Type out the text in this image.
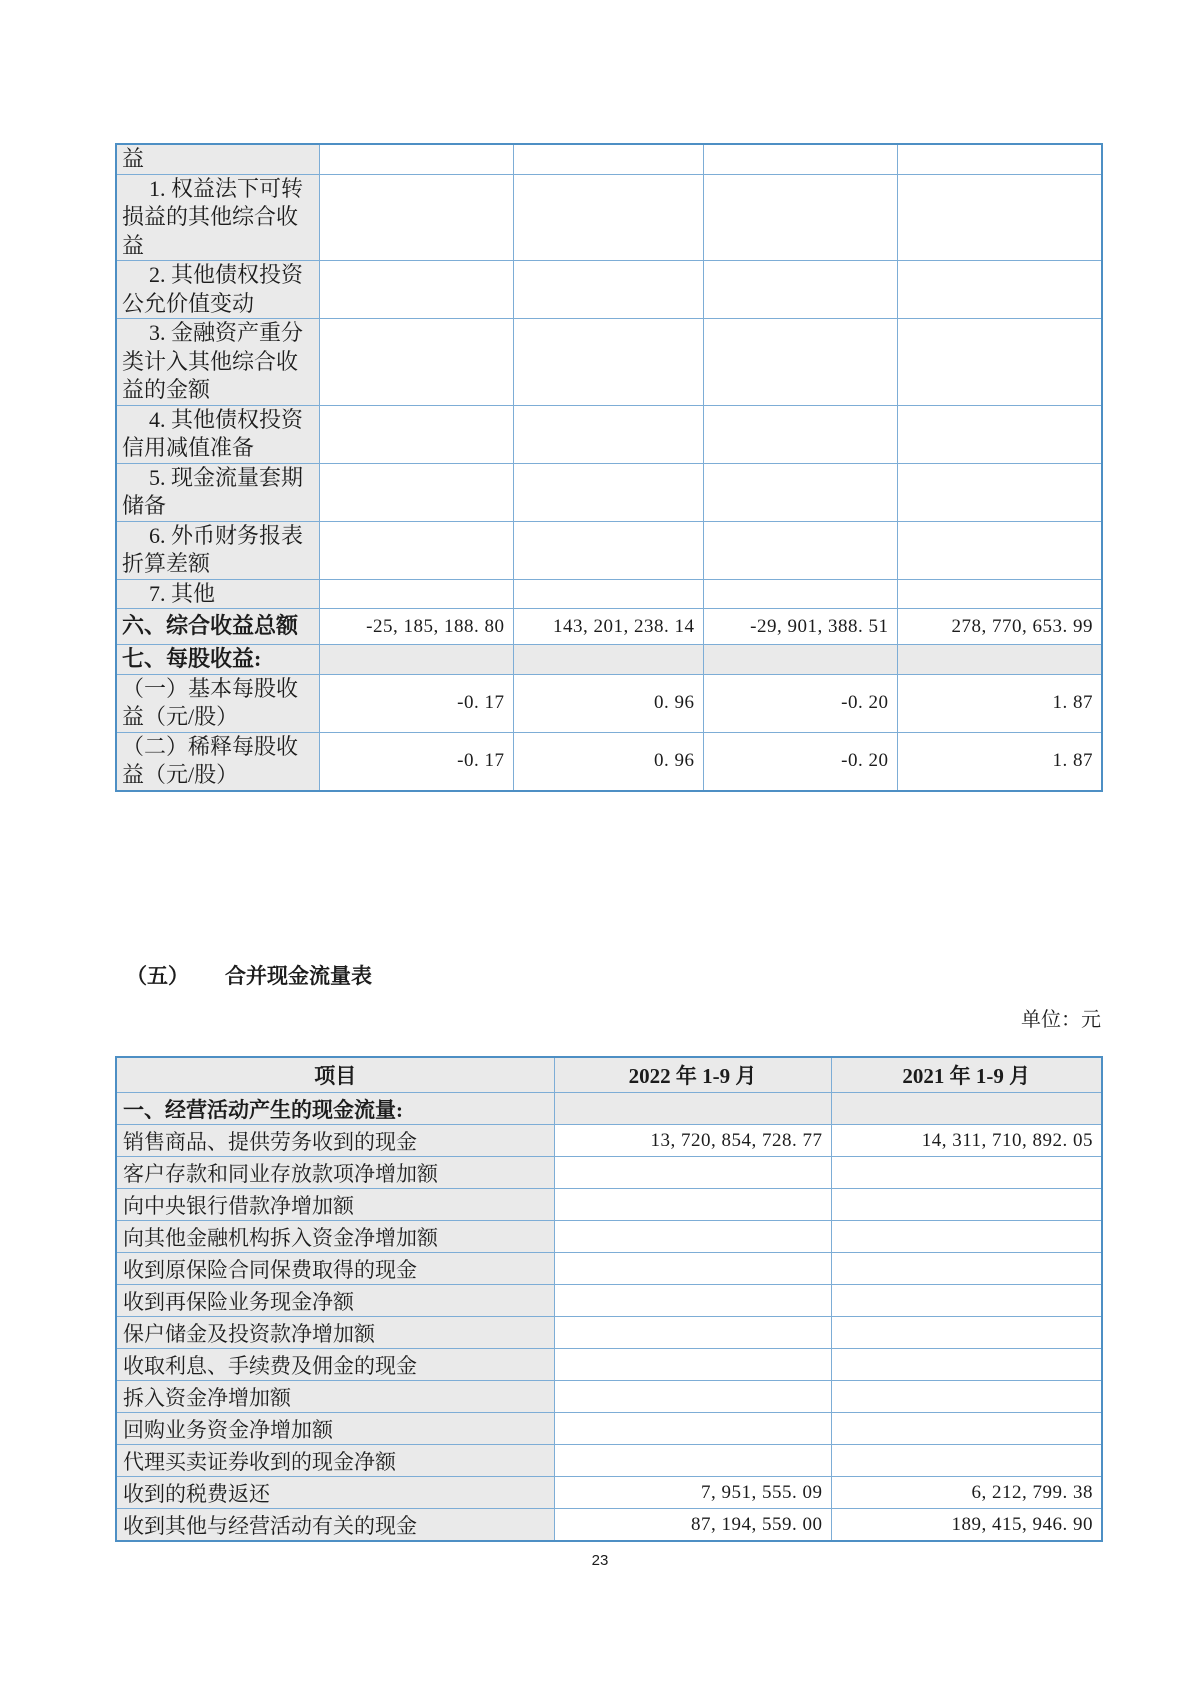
益				
1. 权益法下可转损益的其他综合收益				
2. 其他债权投资公允价值变动				
3. 金融资产重分类计入其他综合收益的金额				
4. 其他债权投资信用减值准备				
5. 现金流量套期储备				
6. 外币财务报表折算差额				
7. 其他				
六、综合收益总额	-25, 185, 188. 80	143, 201, 238. 14	-29, 901, 388. 51	278, 770, 653. 99
七、每股收益:				
（一）基本每股收益（元/股）	-0. 17	0. 96	-0. 20	1. 87
（二）稀释每股收益（元/股）	-0. 17	0. 96	-0. 20	1. 87
（五） 合并现金流量表
单位：元
项目	2022 年 1-9 月	2021 年 1-9 月
一、经营活动产生的现金流量:		
销售商品、提供劳务收到的现金	13, 720, 854, 728. 77	14, 311, 710, 892. 05
客户存款和同业存放款项净增加额		
向中央银行借款净增加额		
向其他金融机构拆入资金净增加额		
收到原保险合同保费取得的现金		
收到再保险业务现金净额		
保户储金及投资款净增加额		
收取利息、手续费及佣金的现金		
拆入资金净增加额		
回购业务资金净增加额		
代理买卖证券收到的现金净额		
收到的税费返还	7, 951, 555. 09	6, 212, 799. 38
收到其他与经营活动有关的现金	87, 194, 559. 00	189, 415, 946. 90
23
